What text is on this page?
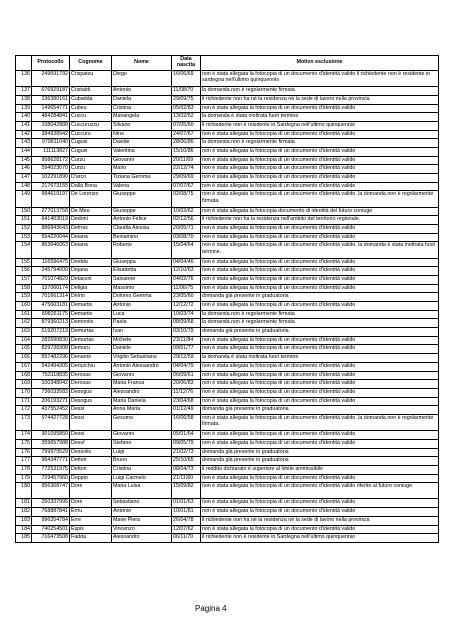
	Protocollo	Cognome	Nome	Data nascita	Motivo esclusione
136	249691792	Crispatzu	Diego	16/06/69	non è stata allegata la fotocopia di un documento d'identità valido il richiedente non è residente in sardegna nell'ultimo quinquennio
137	676929187	Cristaldi	Antonio	11/08/70	la domanda non è regolarmente firmata
138	236380161	Cubadda	Daniela	29/09/75	il richiedente non ha nè la residenza nè la sede di lavoro nella provincia
139	149654771	Cubeu	Cristina	05/02/83	non è stata allegata la fotocopia di un documento d'identità valido
140	484284841	Cuccu	Mariangela	13/02/52	la domanda è stata inoltrata fuori termine
141	108042888	Cuccuruzzu	Silvano	07/05/60	il richiedente non è residente in Sardegna nell'ultimo quinquennio
142	384938942	Cuccuru	Nino	24/07/67	non è stata allegata la fotocopia di un documento d'identità valido
143	979811040	Cugusi	Davide	28/06/86	la domanda non è regolarmente firmata
144	111113827	Cugusi	Valentina	15/10/86	non è stata allegata la fotocopia di un documento d'identità valido
145	958628172	Curzu	Giovanni	20/11/69	non è stata allegata la fotocopia di un documento d'identità valido
146	594023070	Curzu	Mario	22/12/74	non è stata allegata la fotocopia di un documento d'identità valido
147	102291890	D'arco	Tiziana Gemma	29/09/69	non è stata allegata la fotocopia di un documento d'identità valido
148	217673155	Dalla Bona	Valeria	07/07/67	non è stata allegata la fotocopia di un documento d'identità valido
149	984619197	De Lorenzo	Giuseppe	02/08/75	non è stata allegata la fotocopia di un documento d'identità valido. la domanda non è regolarmente firmata.
150	277013758	De Meo	Giuseppe	10/03/62	non è stata allegata la fotocopia documento di identità del futuro coniuge
151	641403019	Dedoni	Antonio Felice	02/12/56	il richiedente non ha la residenza nell'ambito del territorio regionale.
152	886843643	Defrois	Claudia Alessia	20/05/71	non è stata allegata la fotocopia di un documento d'identità valido
153	554220044	Deiana	Beniamino	03/08/70	non è stata allegata la fotocopia di un documento d'identità valido
154	863646063	Deiana	Roberto	15/04/64	non è stata allegata la fotocopia di un documento d'identità valido. la domanda è stata inoltrata fuori termine.
155	116596475	Deidda	Giuseppa	04/04/46	non è stata allegata la fotocopia di un documento d'identità valido
156	245794000	Dejana	Elisabetta	12/10/63	non è stata allegata la fotocopia di un documento d'identità valido
157	701074829	Delaconi	Salvatore	04/02/76	non è stata allegata la fotocopia di un documento d'identità valido
158	137060174	Deligia	Massimo	11/06/75	non è stata allegata la fotocopia di un documento d'identità valido
159	701661314	Delrio	Dolores Gemma	23/05/60	domanda già presente in graduatoria
160	475603181	Demartis	Antonio	12/12/72	non è stata allegata la fotocopia di un documento d'identità valido
161	898261175	Demartis	Luca	10/03/74	la domanda non è regolarmente firmata
162	879360213	Demontis	Paola	08/09/68	la domanda non è regolarmente firmata
163	519207213	Demurtas	Ivan	03/10/79	domanda già presente in graduatoria
164	282690830	Demurtas	Michele	23/11/84	non è stata allegata la fotocopia di un documento d'identità valido
165	829738308	Demuru	Daniele	09/01/77	non è stata allegata la fotocopia di un documento d'identità valido
166	557482296	Denanni	Virgilio Sebastiano	29/12/59	la domanda è stata inoltrata fuori termine
167	542494305	Deriu/chiu	Antonio Alessandro	04/04/79	non è stata allegata la fotocopia di un documento d'identità valido
168	753118835	Derosas	Giovanni	06/09/61	non è stata allegata la fotocopia di un documento d'identità valido
169	100348042	Derosas	Maria Franca	20/06/83	non è stata allegata la fotocopia di un documento d'identità valido
170	736033583	Desogus	Alessandro	11/12/76	non è stata allegata la fotocopia di un documento d'identità valido
171	206193271	Desogus	Maria Daniela	23/04/68	non è stata allegata la fotocopia di un documento d'identità valido
172	437552452	Dessi	Anna Maria	01/12/49	domanda già presente in graduatoria
173	574427728	Dessi	Gesumo	16/06/58	non è stata allegata la fotocopia di un documento d'identità valido. la domanda non è regolarmente firmata.
174	901095850	Dessi	Giovanni	05/01/64	non è stata allegata la fotocopia di un documento d'identità valido
175	359657988	Dessi'	Stefano	09/05/79	non è stata allegata la fotocopia di un documento d'identità valido
176	799979529	Dessolis	Luigi	21/02/73	domanda già presente in graduatoria
177	964347771	Dettori	Bruno	25/10/65	domanda già presente in graduatoria
178	772531975	Dettori	Cristina	08/04/73	il reddito dichiarato è superiore al limite ammissibile
179	729457960	Doppio	Luigi Carmelo	21/11/60	non è stata allegata la fotocopia di un documento d'identità valido
180	956368747	Dore	Maria Luisa	15/09/82	non è stata allegata la fotocopia di un documento d'identità valido riferito al futuro coniuge
181	260337995	Dore	Sebastiano	01/01/63	non è stata allegata la fotocopia di un documento d'identità valido
182	768887841	Erriu	Antonio	10/01/81	non è stata allegata la fotocopia di un documento d'identità valido
183	996354784	Erre	Marie Piera	26/04/78	il richiedente non ha nè la residenza nè la sede di lavoro nella provincia
184	740254501	Espis	Vincenzo	12/07/62	non è stata allegata la fotocopia di un documento d'identità valido
185	716473508	Fadda	Alessandro	06/11/70	il richiedente non è residente in Sardegna nell'ultimo quinquennio
Pagina 4
